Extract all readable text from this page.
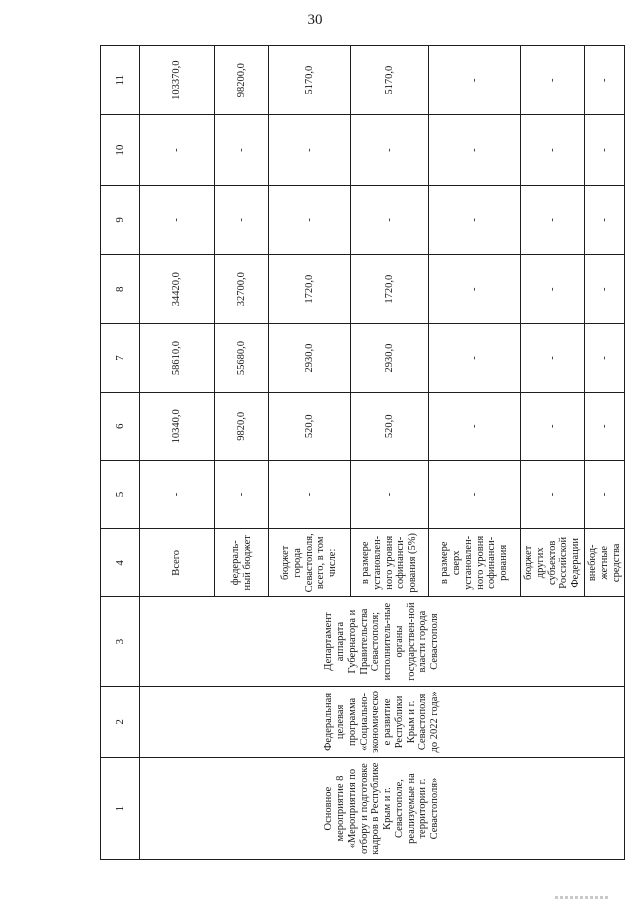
30
1	2	3	4	5	6	7	8	9	10	11
Основное мероприятие 8 «Мероприятия по отбору и подготовке кадров в Республике Крым и г. Севастополе, реализуемые на территории г. Севастополя»	Федеральная целевая программа «Социально-экономическое развитие Республики Крым и г. Севастополя до 2022 года»	Департамент аппарата Губернатора и Правительства Севастополя; исполнитель-ные органы государствен-ной власти города Севастополя	Всего	-	10340,0	58610,0	34420,0	-	-	103370,0
			федераль-ный бюджет	-	9820,0	55680,0	32700,0	-	-	98200,0
			бюджет города Севастополя, всего, в том числе:	-	520,0	2930,0	1720,0	-	-	5170,0
			в размере установлен-ного уровня софинанси-рования (5%)	-	520,0	2930,0	1720,0	-	-	5170,0
			в размере сверх установлен-ного уровня софинанси-рования	-	-	-	-	-	-	-
			бюджет других субъектов Российской Федерации	-	-	-	-	-	-	-
			внебюд-жетные средства	-	-	-	-	-	-	-
